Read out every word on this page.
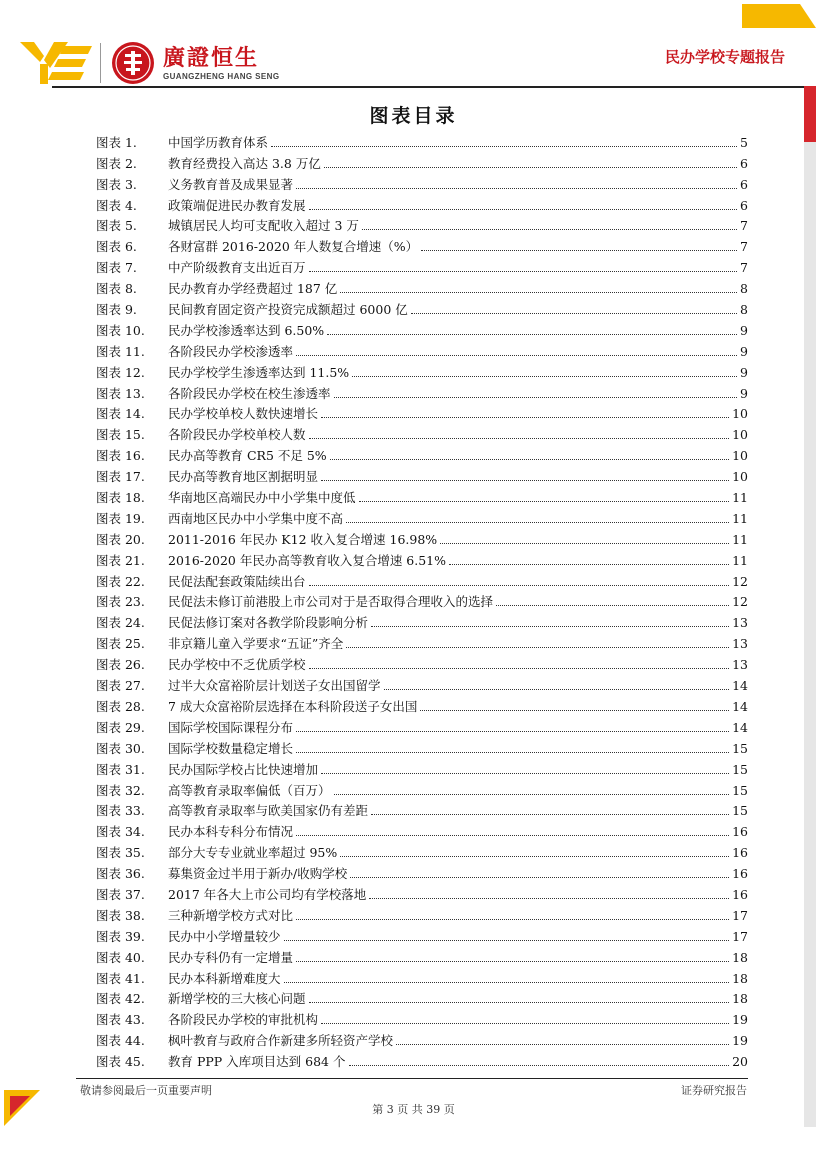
廣證恒生
GUANGZHENG HANG SENG
民办学校专题报告
图表目录
图表 1.	中国学历教育体系	5
图表 2.	教育经费投入高达 3.8 万亿	6
图表 3.	义务教育普及成果显著	6
图表 4.	政策端促进民办教育发展	6
图表 5.	城镇居民人均可支配收入超过 3 万	7
图表 6.	各财富群 2016-2020 年人数复合增速（%）	7
图表 7.	中产阶级教育支出近百万	7
图表 8.	民办教育办学经费超过 187 亿	8
图表 9.	民间教育固定资产投资完成额超过 6000 亿	8
图表 10.	民办学校渗透率达到 6.50%	9
图表 11.	各阶段民办学校渗透率	9
图表 12.	民办学校学生渗透率达到 11.5%	9
图表 13.	各阶段民办学校在校生渗透率	9
图表 14.	民办学校单校人数快速增长	10
图表 15.	各阶段民办学校单校人数	10
图表 16.	民办高等教育 CR5 不足 5%	10
图表 17.	民办高等教育地区割据明显	10
图表 18.	华南地区高端民办中小学集中度低	11
图表 19.	西南地区民办中小学集中度不高	11
图表 20.	2011-2016 年民办 K12 收入复合增速 16.98%	11
图表 21.	2016-2020 年民办高等教育收入复合增速 6.51%	11
图表 22.	民促法配套政策陆续出台	12
图表 23.	民促法未修订前港股上市公司对于是否取得合理收入的选择	12
图表 24.	民促法修订案对各教学阶段影响分析	13
图表 25.	非京籍儿童入学要求“五证”齐全	13
图表 26.	民办学校中不乏优质学校	13
图表 27.	过半大众富裕阶层计划送子女出国留学	14
图表 28.	7 成大众富裕阶层选择在本科阶段送子女出国	14
图表 29.	国际学校国际课程分布	14
图表 30.	国际学校数量稳定增长	15
图表 31.	民办国际学校占比快速增加	15
图表 32.	高等教育录取率偏低（百万）	15
图表 33.	高等教育录取率与欧美国家仍有差距	15
图表 34.	民办本科专科分布情况	16
图表 35.	部分大专专业就业率超过 95%	16
图表 36.	募集资金过半用于新办/收购学校	16
图表 37.	2017 年各大上市公司均有学校落地	16
图表 38.	三种新增学校方式对比	17
图表 39.	民办中小学增量较少	17
图表 40.	民办专科仍有一定增量	18
图表 41.	民办本科新增难度大	18
图表 42.	新增学校的三大核心问题	18
图表 43.	各阶段民办学校的审批机构	19
图表 44.	枫叶教育与政府合作新建多所轻资产学校	19
图表 45.	教育 PPP 入库项目达到 684 个	20
敬请参阅最后一页重要声明	证券研究报告
第 3 页 共 39 页
